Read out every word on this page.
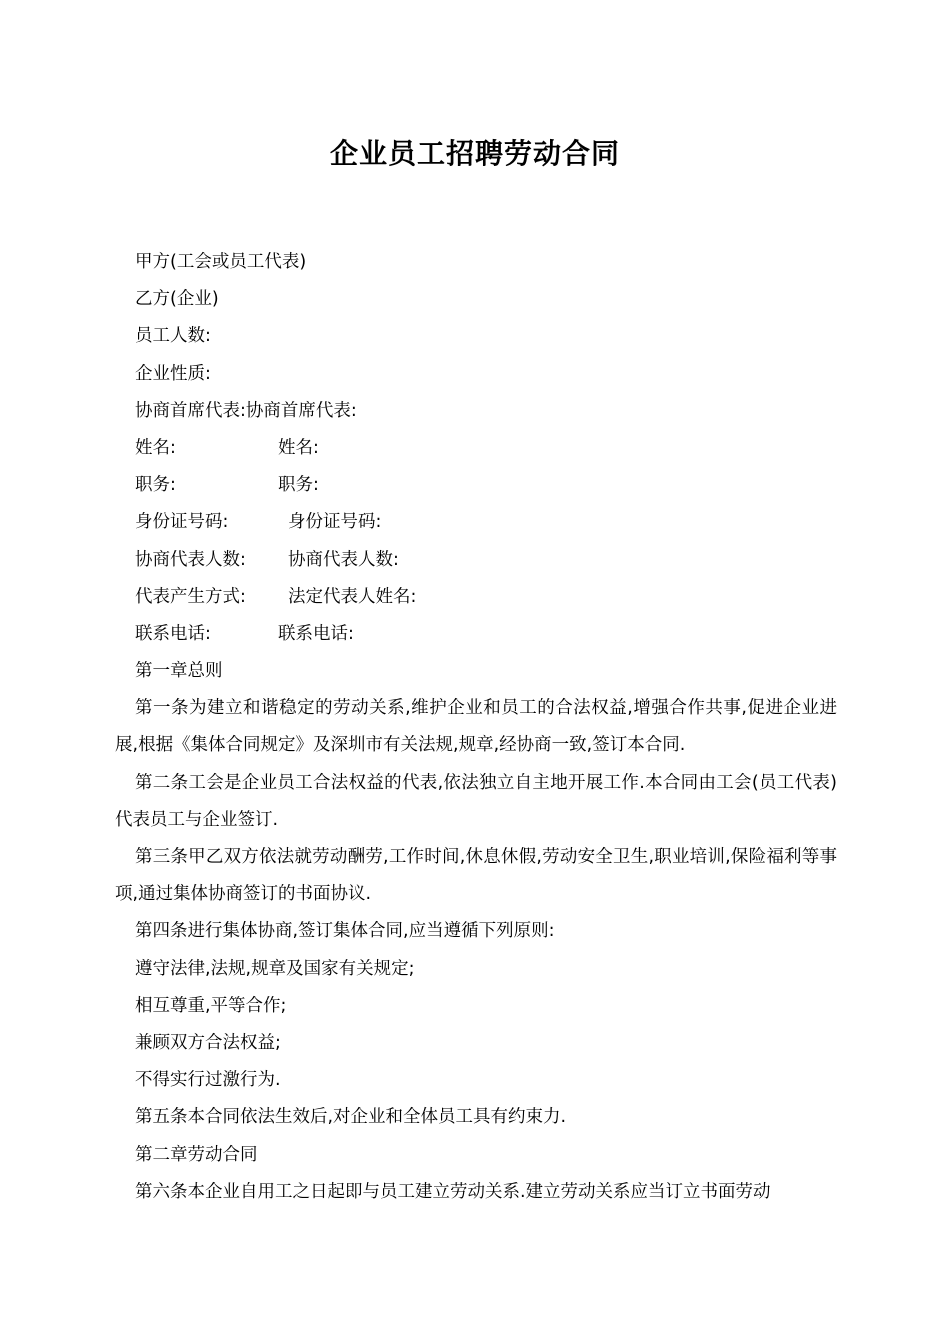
企业员工招聘劳动合同
甲方(工会或员工代表)
乙方(企业)
员工人数:
企业性质:
协商首席代表:协商首席代表:
姓名:	姓名:
职务:	职务:
身份证号码:	身份证号码:
协商代表人数: 协商代表人数:
代表产生方式: 法定代表人姓名:
联系电话:	联系电话:
第一章总则
第一条为建立和谐稳定的劳动关系,维护企业和员工的合法权益,增强合作共事,促进企业进展,根据《集体合同规定》及深圳市有关法规,规章,经协商一致,签订本合同.
第二条工会是企业员工合法权益的代表,依法独立自主地开展工作.本合同由工会(员工代表)代表员工与企业签订.
第三条甲乙双方依法就劳动酬劳,工作时间,休息休假,劳动安全卫生,职业培训,保险福利等事项,通过集体协商签订的书面协议.
第四条进行集体协商,签订集体合同,应当遵循下列原则:
遵守法律,法规,规章及国家有关规定;
相互尊重,平等合作;
兼顾双方合法权益;
不得实行过激行为.
第五条本合同依法生效后,对企业和全体员工具有约束力.
第二章劳动合同
第六条本企业自用工之日起即与员工建立劳动关系.建立劳动关系应当订立书面劳动
